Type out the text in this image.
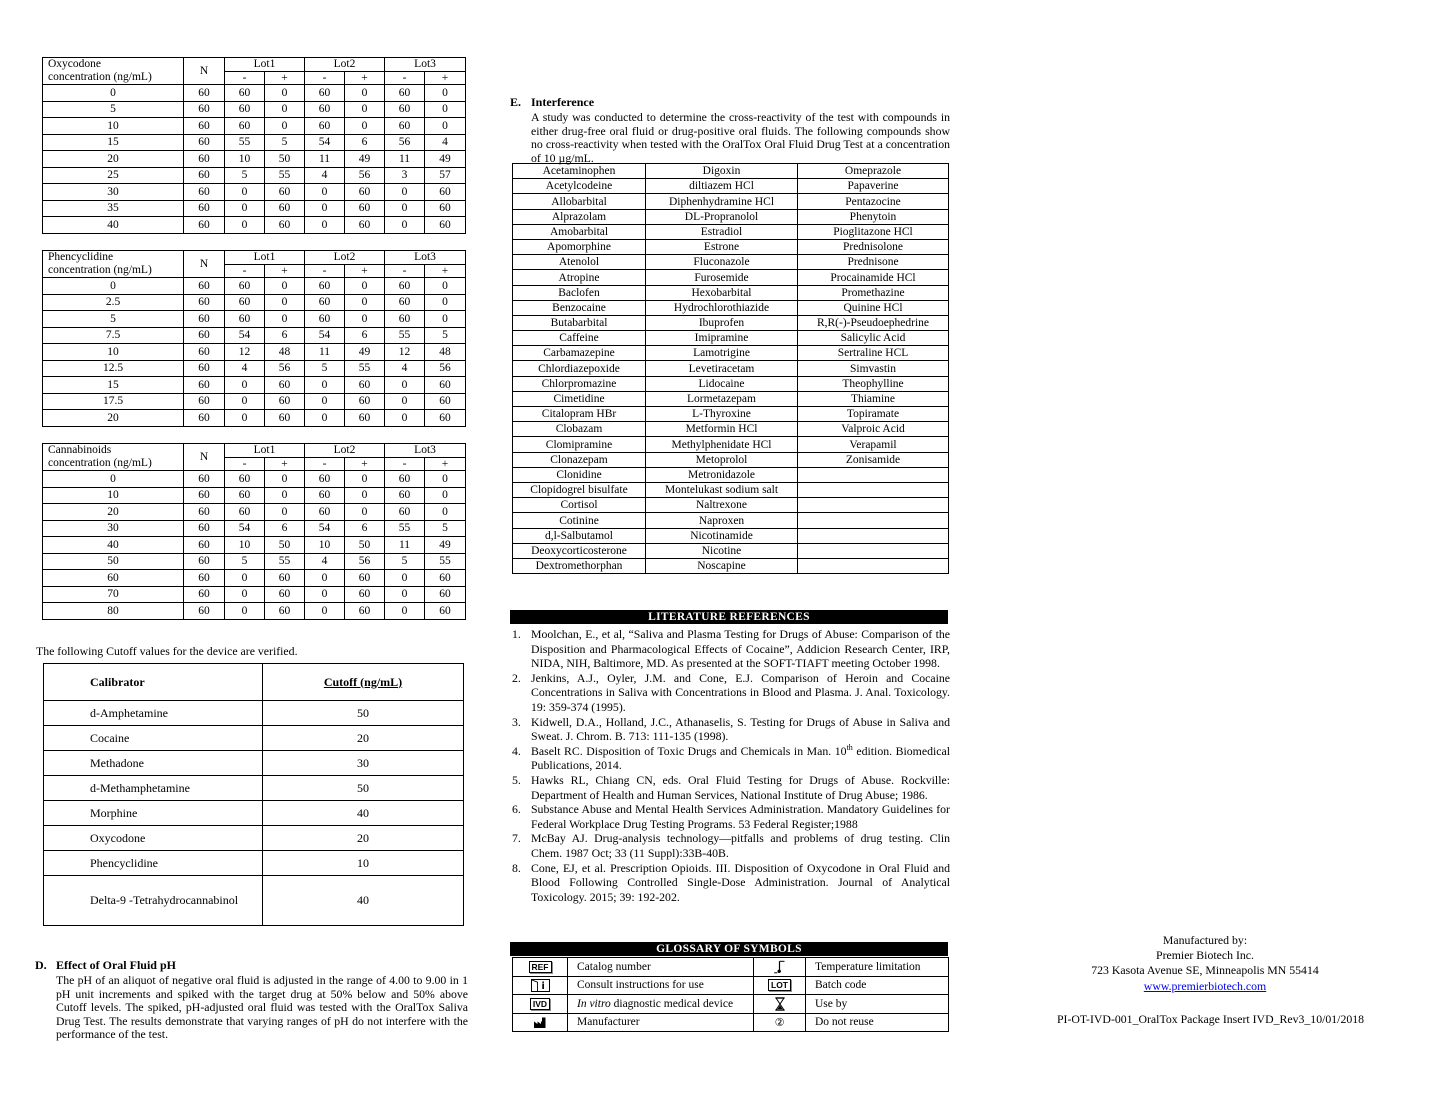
Oxycodone
concentration (ng/mL)	N	Lot1		Lot2		Lot3	
		-	+	-	+	-	+
0	60	60	0	60	0	60	0
5	60	60	0	60	0	60	0
10	60	60	0	60	0	60	0
15	60	55	5	54	6	56	4
20	60	10	50	11	49	11	49
25	60	5	55	4	56	3	57
30	60	0	60	0	60	0	60
35	60	0	60	0	60	0	60
40	60	0	60	0	60	0	60
Phencyclidine
concentration (ng/mL)	N	Lot1		Lot2		Lot3	
		-	+	-	+	-	+
0	60	60	0	60	0	60	0
2.5	60	60	0	60	0	60	0
5	60	60	0	60	0	60	0
7.5	60	54	6	54	6	55	5
10	60	12	48	11	49	12	48
12.5	60	4	56	5	55	4	56
15	60	0	60	0	60	0	60
17.5	60	0	60	0	60	0	60
20	60	0	60	0	60	0	60
Cannabinoids
concentration (ng/mL)	N	Lot1		Lot2		Lot3	
		-	+	-	+	-	+
0	60	60	0	60	0	60	0
10	60	60	0	60	0	60	0
20	60	60	0	60	0	60	0
30	60	54	6	54	6	55	5
40	60	10	50	10	50	11	49
50	60	5	55	4	56	5	55
60	60	0	60	0	60	0	60
70	60	0	60	0	60	0	60
80	60	0	60	0	60	0	60

The following Cutoff values for the device are verified.

Calibrator	Cutoff (ng/mL)
d-Amphetamine	50
Cocaine	20
Methadone	30
d-Methamphetamine	50
Morphine	40
Oxycodone	20
Phencyclidine	10
Delta-9 -Tetrahydrocannabinol	40
D. Effect of Oral Fluid pH
The pH of an aliquot of negative oral fluid is adjusted in the range of 4.00 to 9.00 in 1 pH unit increments and spiked with the target drug at 50% below and 50% above Cutoff levels. The spiked, pH-adjusted oral fluid was tested with the OralTox Saliva Drug Test. The results demonstrate that varying ranges of pH do not interfere with the performance of the test.
E. Interference
A study was conducted to determine the cross-reactivity of the test with compounds in either drug-free oral fluid or drug-positive oral fluids. The following compounds show no cross-reactivity when tested with the OralTox Oral Fluid Drug Test at a concentration of 10 µg/mL.
Acetaminophen	Digoxin	Omeprazole
Acetylcodeine	diltiazem HCl	Papaverine
Allobarbital	Diphenhydramine HCl	Pentazocine
Alprazolam	DL-Propranolol	Phenytoin
Amobarbital	Estradiol	Pioglitazone HCl
Apomorphine	Estrone	Prednisolone
Atenolol	Fluconazole	Prednisone
Atropine	Furosemide	Procainamide HCl
Baclofen	Hexobarbital	Promethazine
Benzocaine	Hydrochlorothiazide	Quinine HCl
Butabarbital	Ibuprofen	R,R(-)-Pseudoephedrine
Caffeine	Imipramine	Salicylic Acid
Carbamazepine	Lamotrigine	Sertraline HCL
Chlordiazepoxide	Levetiracetam	Simvastin
Chlorpromazine	Lidocaine	Theophylline
Cimetidine	Lormetazepam	Thiamine
Citalopram HBr	L-Thyroxine	Topiramate
Clobazam	Metformin HCl	Valproic Acid
Clomipramine	Methylphenidate HCl	Verapamil
Clonazepam	Metoprolol	Zonisamide
Clonidine	Metronidazole	
Clopidogrel bisulfate	Montelukast sodium salt	
Cortisol	Naltrexone	
Cotinine	Naproxen	
d,l-Salbutamol	Nicotinamide	
Deoxycorticosterone	Nicotine	
Dextromethorphan	Noscapine	
LITERATURE REFERENCES
1. Moolchan, E., et al, “Saliva and Plasma Testing for Drugs of Abuse: Comparison of the Disposition and Pharmacological Effects of Cocaine”, Addicion Research Center, IRP, NIDA, NIH, Baltimore, MD. As presented at the SOFT-TIAFT meeting October 1998.
2. Jenkins, A.J., Oyler, J.M. and Cone, E.J. Comparison of Heroin and Cocaine Concentrations in Saliva with Concentrations in Blood and Plasma. J. Anal. Toxicology. 19: 359-374 (1995).
3. Kidwell, D.A., Holland, J.C., Athanaselis, S. Testing for Drugs of Abuse in Saliva and Sweat. J. Chrom. B. 713: 111-135 (1998).
4. Baselt RC. Disposition of Toxic Drugs and Chemicals in Man. 10th edition. Biomedical Publications, 2014.
5. Hawks RL, Chiang CN, eds. Oral Fluid Testing for Drugs of Abuse. Rockville: Department of Health and Human Services, National Institute of Drug Abuse; 1986.
6. Substance Abuse and Mental Health Services Administration. Mandatory Guidelines for Federal Workplace Drug Testing Programs. 53 Federal Register;1988
7. McBay AJ. Drug-analysis technology—pitfalls and problems of drug testing. Clin Chem. 1987 Oct; 33 (11 Suppl):33B-40B.
8. Cone, EJ, et al. Prescription Opioids. III. Disposition of Oxycodone in Oral Fluid and Blood Following Controlled Single-Dose Administration. Journal of Analytical Toxicology. 2015; 39: 192-202.
GLOSSARY OF SYMBOLS
REF	Catalog number		Temperature limitation

i	Consult instructions for use	LOT	Batch code
IVD	In vitro diagnostic medical device		Use by
	Manufacturer	②	Do not reuse
Manufactured by:
Premier Biotech Inc.
723 Kasota Avenue SE, Minneapolis MN 55414
www.premierbiotech.com
PI-OT-IVD-001_OralTox Package Insert IVD_Rev3_10/01/2018
